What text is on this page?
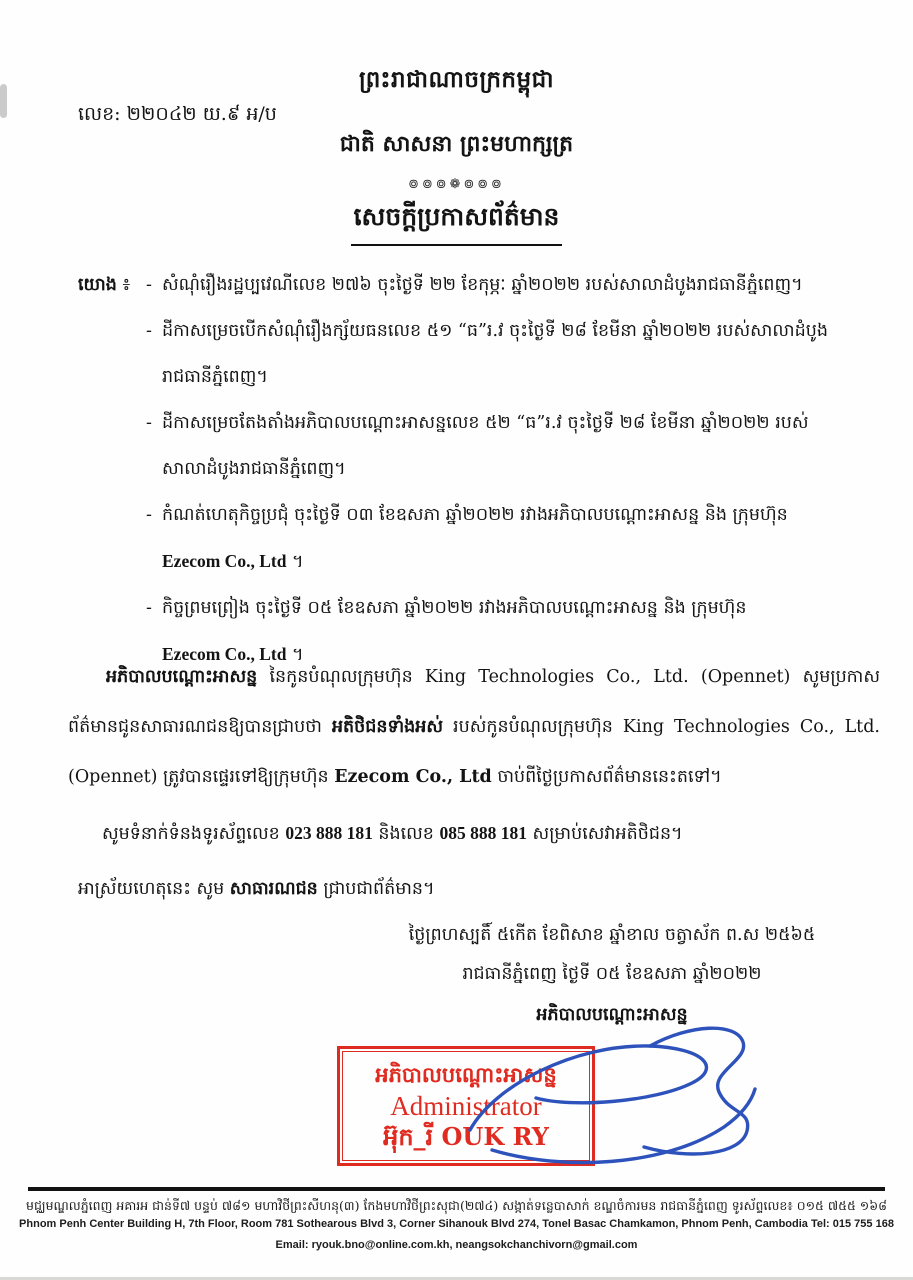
ព្រះរាជាណាចក្រកម្ពុជា
លេខ: ២២០៤២ យ.៩ អ/ប
ជាតិ សាសនា ព្រះមហាក្សត្រ
៙៙៙❁៙៙៙
សេចក្តីប្រកាសព័ត៌មាន
យោង ៖ - សំណុំរឿងរដ្ឋប្បវេណីលេខ ២៧៦ ចុះថ្ងៃទី ២២ ខែកុម្ភៈ ឆ្នាំ២០២២ របស់សាលាដំបូងរាជធានីភ្នំពេញ។
- ដីកាសម្រេចបើកសំណុំរឿងក្ស័យធនលេខ ៥១ “ធ”រ.វ ចុះថ្ងៃទី ២៨ ខែមីនា ឆ្នាំ២០២២ របស់សាលាដំបូង
រាជធានីភ្នំពេញ។
- ដីកាសម្រេចតែងតាំងអភិបាលបណ្ដោះអាសន្នលេខ ៥២ “ធ”រ.វ ចុះថ្ងៃទី ២៨ ខែមីនា ឆ្នាំ២០២២ របស់
សាលាដំបូងរាជធានីភ្នំពេញ។
- កំណត់ហេតុកិច្ចប្រជុំ ចុះថ្ងៃទី ០៣ ខែឧសភា ឆ្នាំ២០២២ រវាងអភិបាលបណ្ដោះអាសន្ន និង ក្រុមហ៊ុន
Ezecom Co., Ltd ។
- កិច្ចព្រមព្រៀង ចុះថ្ងៃទី ០៥ ខែឧសភា ឆ្នាំ២០២២ រវាងអភិបាលបណ្ដោះអាសន្ន និង ក្រុមហ៊ុន
Ezecom Co., Ltd ។
អភិបាលបណ្ដោះអាសន្ន នៃកូនបំណុលក្រុមហ៊ុន King Technologies Co., Ltd. (Opennet) សូមប្រកាសព័ត៌មានជូនសាធារណជនឱ្យបានជ្រាបថា អតិថិជនទាំងអស់ របស់កូនបំណុលក្រុមហ៊ុន King Technologies Co., Ltd. (Opennet) ត្រូវបានផ្ទេរទៅឱ្យក្រុមហ៊ុន Ezecom Co., Ltd ចាប់ពីថ្ងៃប្រកាសព័ត៌មាននេះតទៅ។
សូមទំនាក់ទំនងទូរស័ព្ទលេខ 023 888 181 និងលេខ 085 888 181 សម្រាប់សេវាអតិថិជន។
អាស្រ័យហេតុនេះ សូម សាធារណជន ជ្រាបជាព័ត៌មាន។
ថ្ងៃព្រហស្បតិ៍ ៥កើត ខែពិសាខ ឆ្នាំខាល ចត្វាស័ក ព.ស ២៥៦៥
រាជធានីភ្នំពេញ ថ្ងៃទី ០៥ ខែឧសភា ឆ្នាំ២០២២
អភិបាលបណ្ដោះអាសន្ន
អភិបាលបណ្ដោះអាសន្ន
Administrator
អ៊ុក_រី OUK RY
មជ្ឈមណ្ឌលភ្នំពេញ អគារអ ជាន់ទី៧ បន្ទប់ ៧៨១ មហាវិថីព្រះសីហនុ(៣) កែងមហាវិថីព្រះសុជា(២៧៤) សង្កាត់ទន្លេបាសាក់ ខណ្ឌចំការមន រាជធានីភ្នំពេញ ទូរស័ព្ទលេខ៖ ០១៥ ៧៥៥ ១៦៨
Phnom Penh Center Building H, 7th Floor, Room 781 Sothearous Blvd 3, Corner Sihanouk Blvd 274, Tonel Basac Chamkamon, Phnom Penh, Cambodia Tel: 015 755 168
Email: ryouk.bno@online.com.kh, neangsokchanchivorn@gmail.com
